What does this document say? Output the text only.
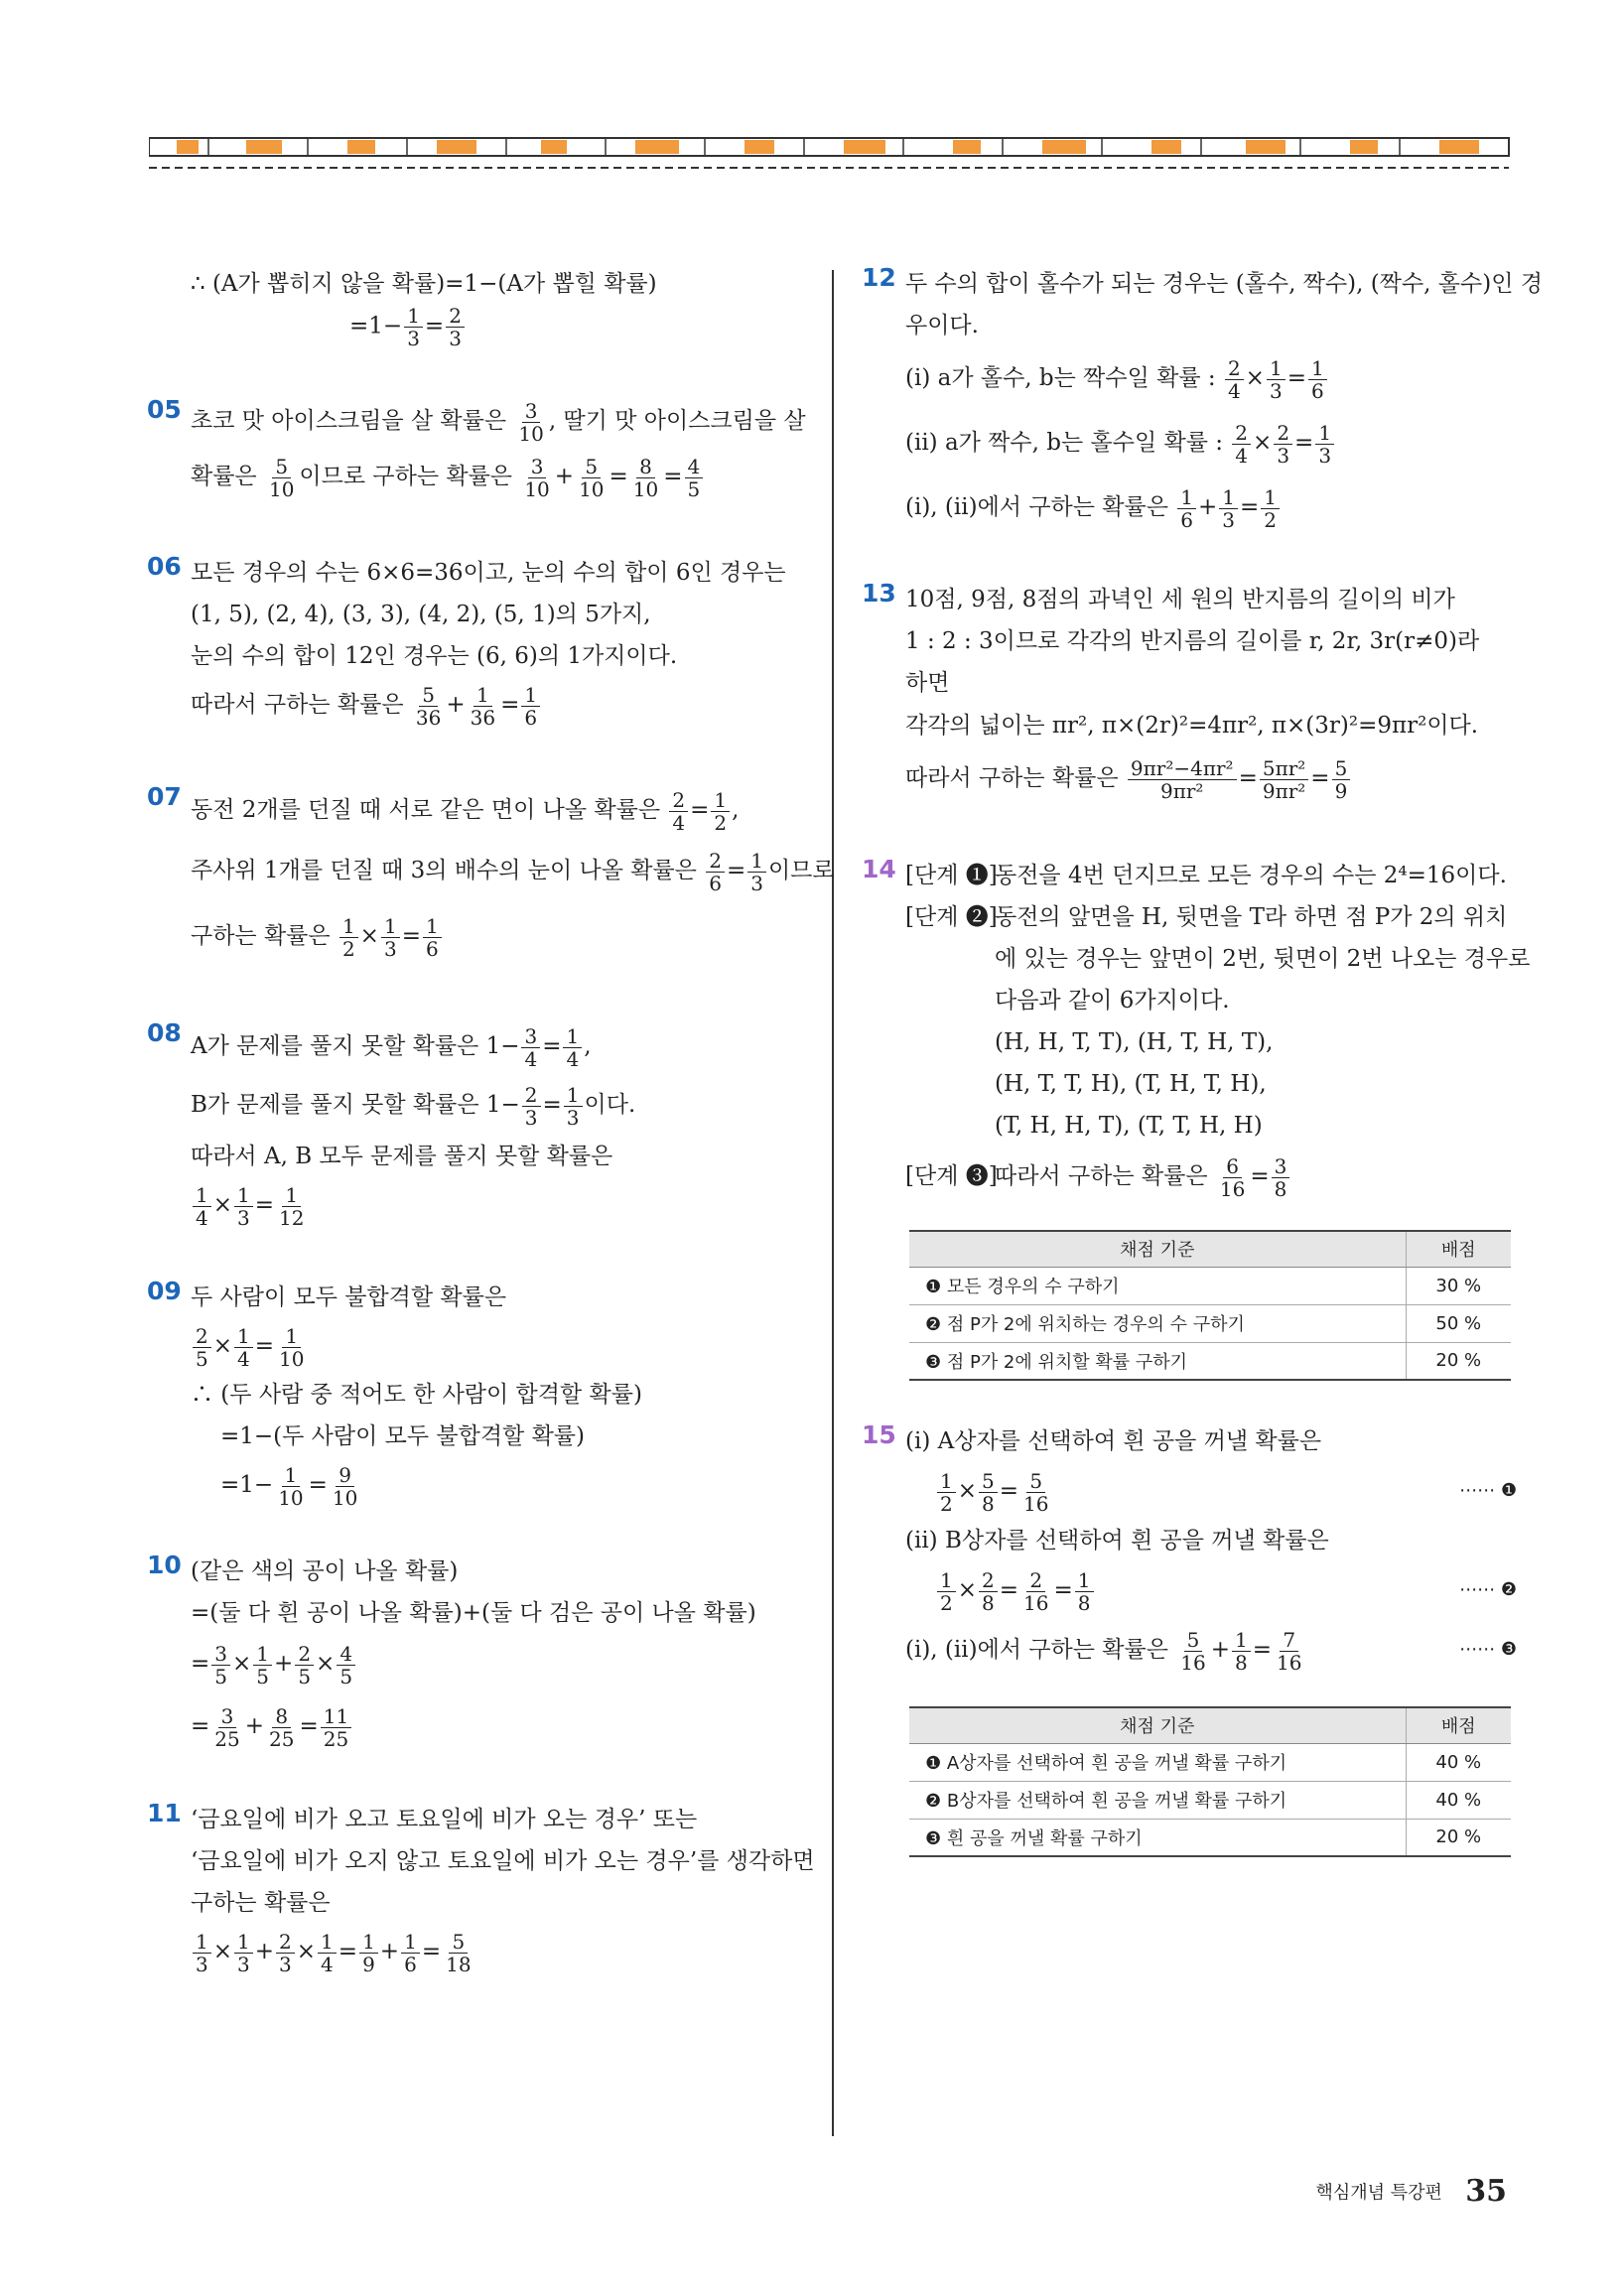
∴ (A가 뽑히지 않을 확률)=1−(A가 뽑힐 확률)
$=1- \frac{1}{3} = \frac{2}{3}$
05 초코 맛 아이스크림을 살 확률은 $\frac{3}{10}$ , 딸기 맛 아이스크림을 살
확률은 $\frac{5}{10}$ 이므로 구하는 확률은 $\frac{3}{10} + \frac{5}{10} = \frac{8}{10} = \frac{4}{5}$
06 모든 경우의 수는 6×6=36이고, 눈의 수의 합이 6인 경우는
(1, 5), (2, 4), (3, 3), (4, 2), (5, 1)의 5가지,
눈의 수의 합이 12인 경우는 (6, 6)의 1가지이다.
따라서 구하는 확률은 $\frac{5}{36} + \frac{1}{36} = \frac{1}{6}$
07 동전 2개를 던질 때 서로 같은 면이 나올 확률은 $\frac{2}{4} = \frac{1}{2}$ ,
주사위 1개를 던질 때 3의 배수의 눈이 나올 확률은 $\frac{2}{6} = \frac{1}{3}$ 이므로
구하는 확률은 $\frac{1}{2} \times \frac{1}{3} = \frac{1}{6}$
08 A가 문제를 풀지 못할 확률은 $1- \frac{3}{4} = \frac{1}{4}$ ,
B가 문제를 풀지 못할 확률은 $1- \frac{2}{3} = \frac{1}{3}$ 이다.
따라서 A, B 모두 문제를 풀지 못할 확률은
$\frac{1}{4} \times \frac{1}{3} = \frac{1}{12}$
09 두 사람이 모두 불합격할 확률은
$\frac{2}{5} \times \frac{1}{4} = \frac{1}{10}$
∴ (두 사람 중 적어도 한 사람이 합격할 확률)
=1−(두 사람이 모두 불합격할 확률)
$=1- \frac{1}{10} = \frac{9}{10}$
10 (같은 색의 공이 나올 확률)
=(둘 다 흰 공이 나올 확률)+(둘 다 검은 공이 나올 확률)
= $\frac{3}{5} \times \frac{1}{5} + \frac{2}{5} \times \frac{4}{5}$
= $\frac{3}{25} + \frac{8}{25} = \frac{11}{25}$
11 ‘금요일에 비가 오고 토요일에 비가 오는 경우’ 또는
‘금요일에 비가 오지 않고 토요일에 비가 오는 경우’를 생각하면
구하는 확률은
$\frac{1}{3} \times \frac{1}{3} + \frac{2}{3} \times \frac{1}{4} = \frac{1}{9} + \frac{1}{6} = \frac{5}{18}$
12 두 수의 합이 홀수가 되는 경우는 (홀수, 짝수), (짝수, 홀수)인 경
우이다.
(ⅰ) a가 홀수, b는 짝수일 확률 : $\frac{2}{4} \times \frac{1}{3} = \frac{1}{6}$
(ⅱ) a가 짝수, b는 홀수일 확률 : $\frac{2}{4} \times \frac{2}{3} = \frac{1}{3}$
(ⅰ), (ⅱ)에서 구하는 확률은 $\frac{1}{6} + \frac{1}{3} = \frac{1}{2}$
13 10점, 9점, 8점의 과녁인 세 원의 반지름의 길이의 비가
1 : 2 : 3이므로 각각의 반지름의 길이를 r, 2r, 3r(r≠0)라
하면
각각의 넓이는 πr², π×(2r)²=4πr², π×(3r)²=9πr²이다.
따라서 구하는 확률은 $\frac{\text{9πr²−4πr²}}{\text{9πr²}} = \frac{\text{5πr²}}{\text{9πr²}} = \frac{5}{9}$
14 [단계 ❶]동전을 4번 던지므로 모든 경우의 수는 2⁴=16이다.
[단계 ❷]동전의 앞면을 H, 뒷면을 T라 하면 점 P가 2의 위치
에 있는 경우는 앞면이 2번, 뒷면이 2번 나오는 경우로
다음과 같이 6가지이다.
(H, H, T, T), (H, T, H, T),
(H, T, T, H), (T, H, T, H),
(T, H, H, T), (T, T, H, H)
[단계 ❸]따라서 구하는 확률은 $\frac{6}{16} = \frac{3}{8}$
채점 기준	배점
❶ 모든 경우의 수 구하기	30 %
❷ 점 P가 2에 위치하는 경우의 수 구하기	50 %
❸ 점 P가 2에 위치할 확률 구하기	20 %
15 (ⅰ) A상자를 선택하여 흰 공을 꺼낼 확률은
$\frac{1}{2} \times \frac{5}{8} = \frac{5}{16}$	⋯⋯ ❶
(ⅱ) B상자를 선택하여 흰 공을 꺼낼 확률은
$\frac{1}{2} \times \frac{2}{8} = \frac{2}{16} = \frac{1}{8}$	⋯⋯ ❷
(ⅰ), (ⅱ)에서 구하는 확률은 $\frac{5}{16} + \frac{1}{8} = \frac{7}{16}$	⋯⋯ ❸
채점 기준	배점
❶ A상자를 선택하여 흰 공을 꺼낼 확률 구하기	40 %
❷ B상자를 선택하여 흰 공을 꺼낼 확률 구하기	40 %
❸ 흰 공을 꺼낼 확률 구하기	20 %
핵심개념 특강편 35
